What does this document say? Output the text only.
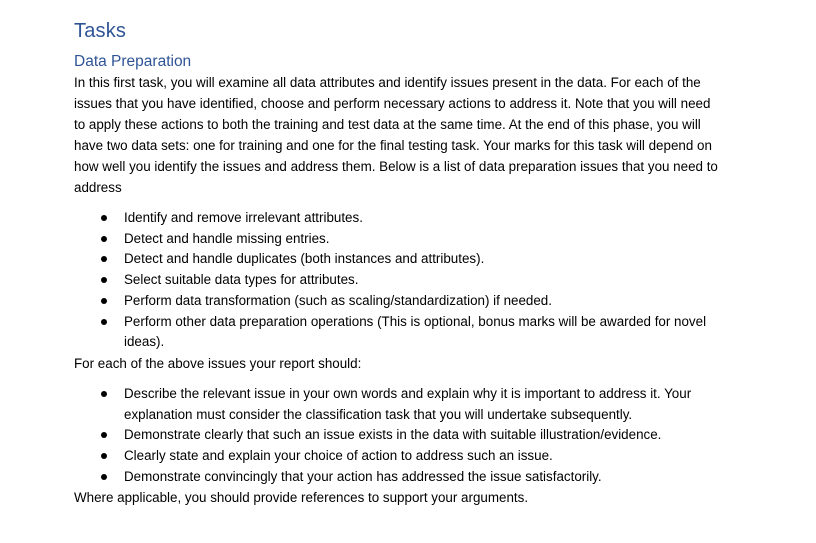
Tasks
Data Preparation

In this first task, you will examine all data attributes and identify issues present in the data. For each of the issues that you have identified, choose and perform necessary actions to address it. Note that you will need to apply these actions to both the training and test data at the same time. At the end of this phase, you will have two data sets: one for training and one for the final testing task. Your marks for this task will depend on how well you identify the issues and address them. Below is a list of data preparation issues that you need to address

Identify and remove irrelevant attributes.
Detect and handle missing entries.
Detect and handle duplicates (both instances and attributes).
Select suitable data types for attributes.
Perform data transformation (such as scaling/standardization) if needed.
Perform other data preparation operations (This is optional, bonus marks will be awarded for novel ideas).

For each of the above issues your report should:

Describe the relevant issue in your own words and explain why it is important to address it. Your explanation must consider the classification task that you will undertake subsequently.
Demonstrate clearly that such an issue exists in the data with suitable illustration/evidence.
Clearly state and explain your choice of action to address such an issue.
Demonstrate convincingly that your action has addressed the issue satisfactorily.

Where applicable, you should provide references to support your arguments.
